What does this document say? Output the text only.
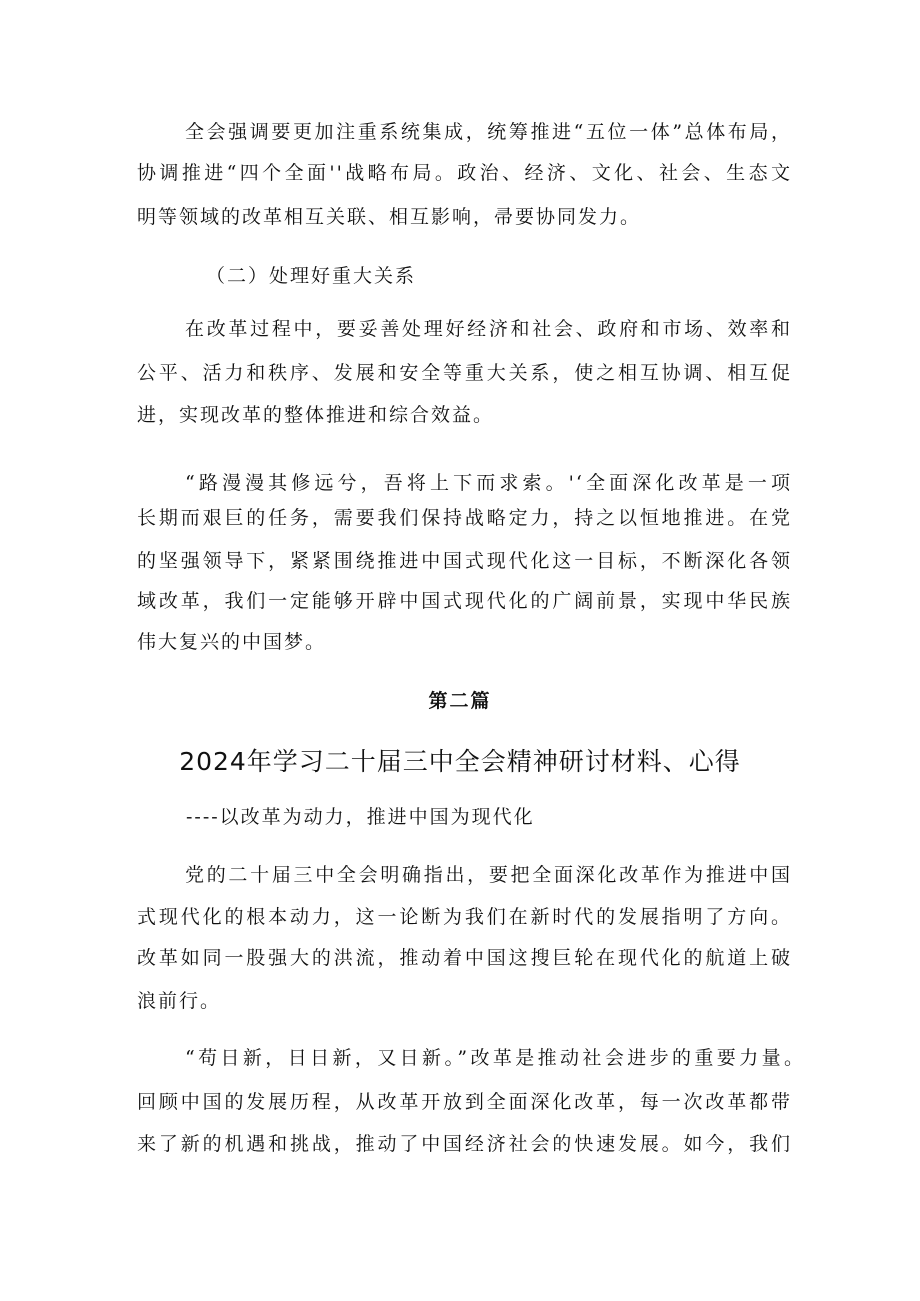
全会强调要更加注重系统集成，统筹推进“五位一体”总体布局，
协调推进“四个全面''战略布局。政治、经济、文化、社会、生态文
明等领域的改革相互关联、相互影响，帚要协同发力。
（二）处理好重大关系
在改革过程中，要妥善处理好经济和社会、政府和市场、效率和
公平、活力和秩序、发展和安全等重大关系，使之相互协调、相互促
进，实现改革的整体推进和综合效益。
“路漫漫其修远兮，吾将上下而求索。'‘全面深化改革是一项
长期而艰巨的任务，需要我们保持战略定力，持之以恒地推进。在党
的坚强领导下，紧紧围绕推进中国式现代化这一目标，不断深化各领
域改革，我们一定能够开辟中国式现代化的广阔前景，实现中华民族
伟大复兴的中国梦。
第二篇
2024年学习二十届三中全会精神研讨材料、心得
----以改革为动力，推进中国为现代化
党的二十届三中全会明确指出，要把全面深化改革作为推进中国
式现代化的根本动力，这一论断为我们在新时代的发展指明了方向。
改革如同一股强大的洪流，推动着中国这搜巨轮在现代化的航道上破
浪前行。
“苟日新，日日新，又日新。”改革是推动社会进步的重要力量。
回顾中国的发展历程，从改革开放到全面深化改革，每一次改革都带
来了新的机遇和挑战，推动了中国经济社会的快速发展。如今，我们
